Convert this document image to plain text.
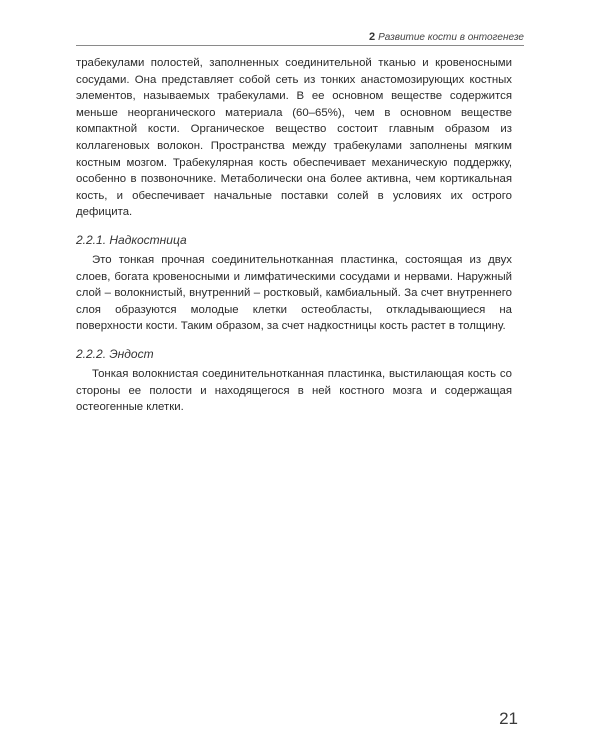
2 Развитие кости в онтогенезе

трабекулами полостей, заполненных соединительной тканью и кровеносными сосудами. Она представляет собой сеть из тонких анастомозирующих костных элементов, называемых трабекулами. В ее основном веществе содержится меньше неорганического материала (60–65%), чем в основном веществе компактной кости. Органическое вещество состоит главным образом из коллагеновых волокон. Пространства между трабекулами заполнены мягким костным мозгом. Трабекулярная кость обеспечивает механическую поддержку, особенно в позвоночнике. Метаболически она более активна, чем кортикальная кость, и обеспечивает начальные поставки солей в условиях их острого дефицита.

2.2.1. Надкостница

Это тонкая прочная соединительнотканная пластинка, состоящая из двух слоев, богата кровеносными и лимфатическими сосудами и нервами. Наружный слой – волокнистый, внутренний – ростковый, камбиальный. За счет внутреннего слоя образуются молодые клетки остеобласты, откладывающиеся на поверхности кости. Таким образом, за счет надкостницы кость растет в толщину.

2.2.2. Эндост

Тонкая волокнистая соединительнотканная пластинка, выстилающая кость со стороны ее полости и находящегося в ней костного мозга и содержащая остеогенные клетки.

21
